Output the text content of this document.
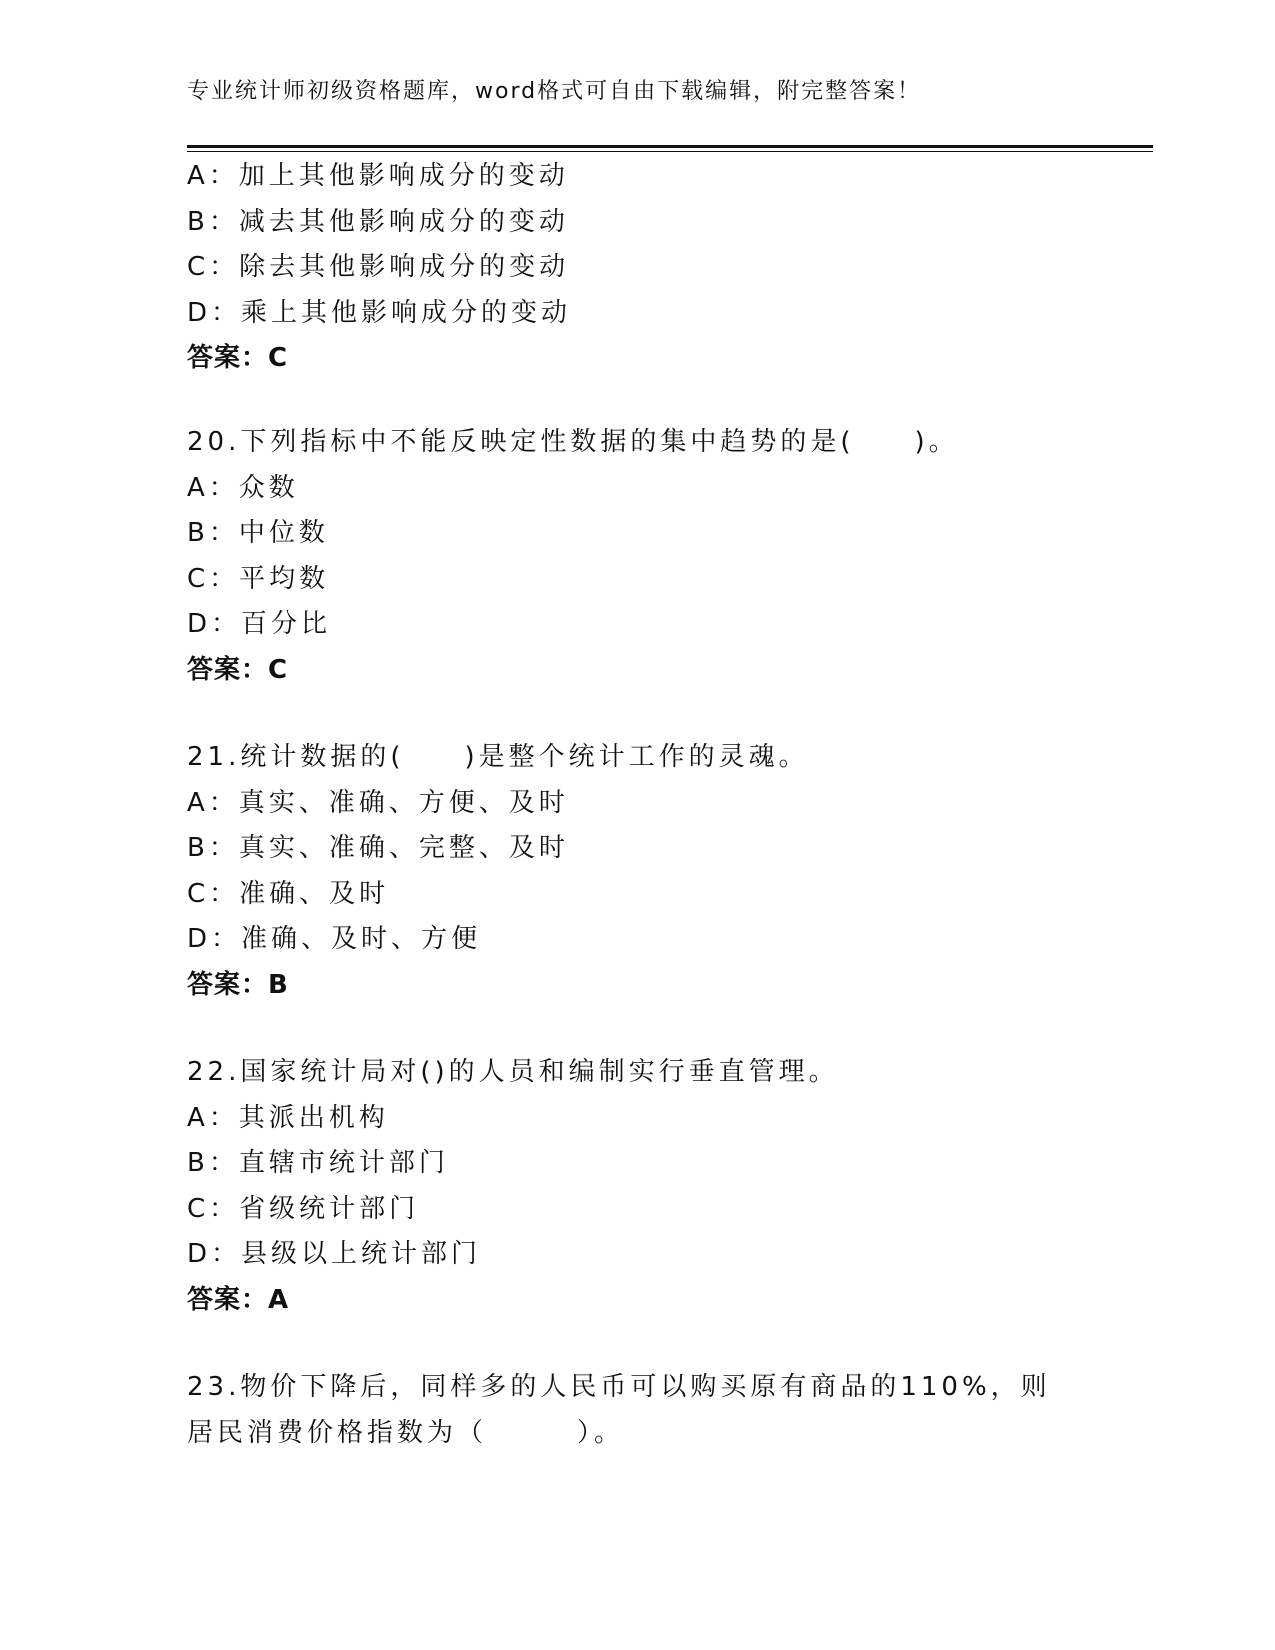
专业统计师初级资格题库，word格式可自由下载编辑，附完整答案！
A：加上其他影响成分的变动
B：减去其他影响成分的变动
C：除去其他影响成分的变动
D：乘上其他影响成分的变动
答案：C
20.下列指标中不能反映定性数据的集中趋势的是(　　)。
A：众数
B：中位数
C：平均数
D：百分比
答案：C
21.统计数据的(　　)是整个统计工作的灵魂。
A：真实、准确、方便、及时
B：真实、准确、完整、及时
C：准确、及时
D：准确、及时、方便
答案：B
22.国家统计局对()的人员和编制实行垂直管理。
A：其派出机构
B：直辖市统计部门
C：省级统计部门
D：县级以上统计部门
答案：A
23.物价下降后，同样多的人民币可以购买原有商品的110%，则居民消费价格指数为（　　　）。
